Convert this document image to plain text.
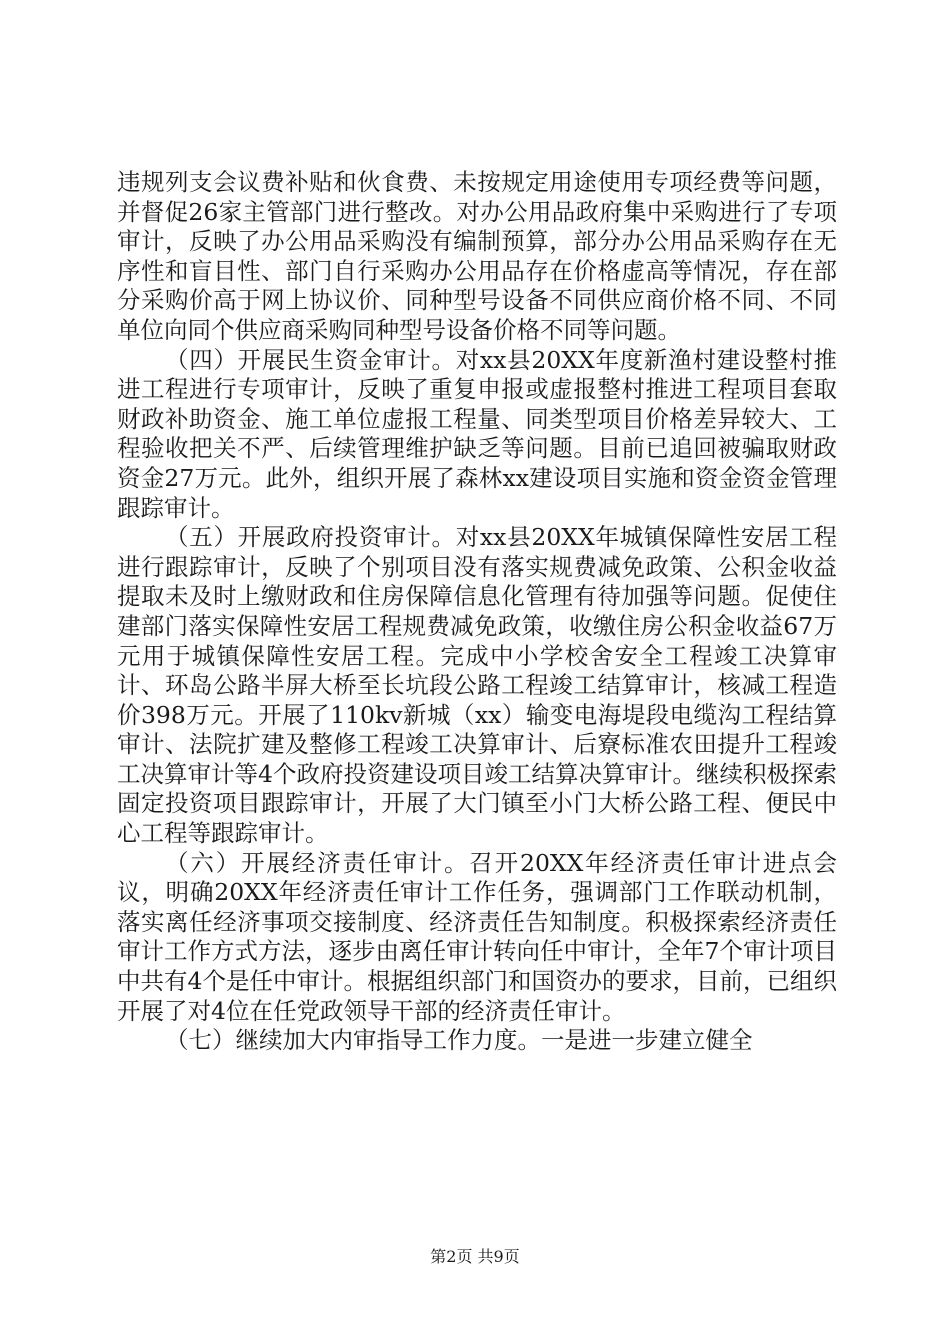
违规列支会议费补贴和伙食费、未按规定用途使用专项经费等问题，并督促26家主管部门进行整改。对办公用品政府集中采购进行了专项审计，反映了办公用品采购没有编制预算，部分办公用品采购存在无序性和盲目性、部门自行采购办公用品存在价格虚高等情况，存在部分采购价高于网上协议价、同种型号设备不同供应商价格不同、不同单位向同个供应商采购同种型号设备价格不同等问题。

（四）开展民生资金审计。对xx县20XX年度新渔村建设整村推进工程进行专项审计，反映了重复申报或虚报整村推进工程项目套取财政补助资金、施工单位虚报工程量、同类型项目价格差异较大、工程验收把关不严、后续管理维护缺乏等问题。目前已追回被骗取财政资金27万元。此外，组织开展了森林xx建设项目实施和资金资金管理跟踪审计。

（五）开展政府投资审计。对xx县20XX年城镇保障性安居工程进行跟踪审计，反映了个别项目没有落实规费减免政策、公积金收益提取未及时上缴财政和住房保障信息化管理有待加强等问题。促使住建部门落实保障性安居工程规费减免政策，收缴住房公积金收益67万元用于城镇保障性安居工程。完成中小学校舍安全工程竣工决算审计、环岛公路半屏大桥至长坑段公路工程竣工结算审计，核减工程造价398万元。开展了110kv新城（xx）输变电海堤段电缆沟工程结算审计、法院扩建及整修工程竣工决算审计、后寮标准农田提升工程竣工决算审计等4个政府投资建设项目竣工结算决算审计。继续积极探索固定投资项目跟踪审计，开展了大门镇至小门大桥公路工程、便民中心工程等跟踪审计。

（六）开展经济责任审计。召开20XX年经济责任审计进点会议，明确20XX年经济责任审计工作任务，强调部门工作联动机制，落实离任经济事项交接制度、经济责任告知制度。积极探索经济责任审计工作方式方法，逐步由离任审计转向任中审计，全年7个审计项目中共有4个是任中审计。根据组织部门和国资办的要求，目前，已组织开展了对4位在任党政领导干部的经济责任审计。

（七）继续加大内审指导工作力度。一是进一步建立健全

第2页 共9页
